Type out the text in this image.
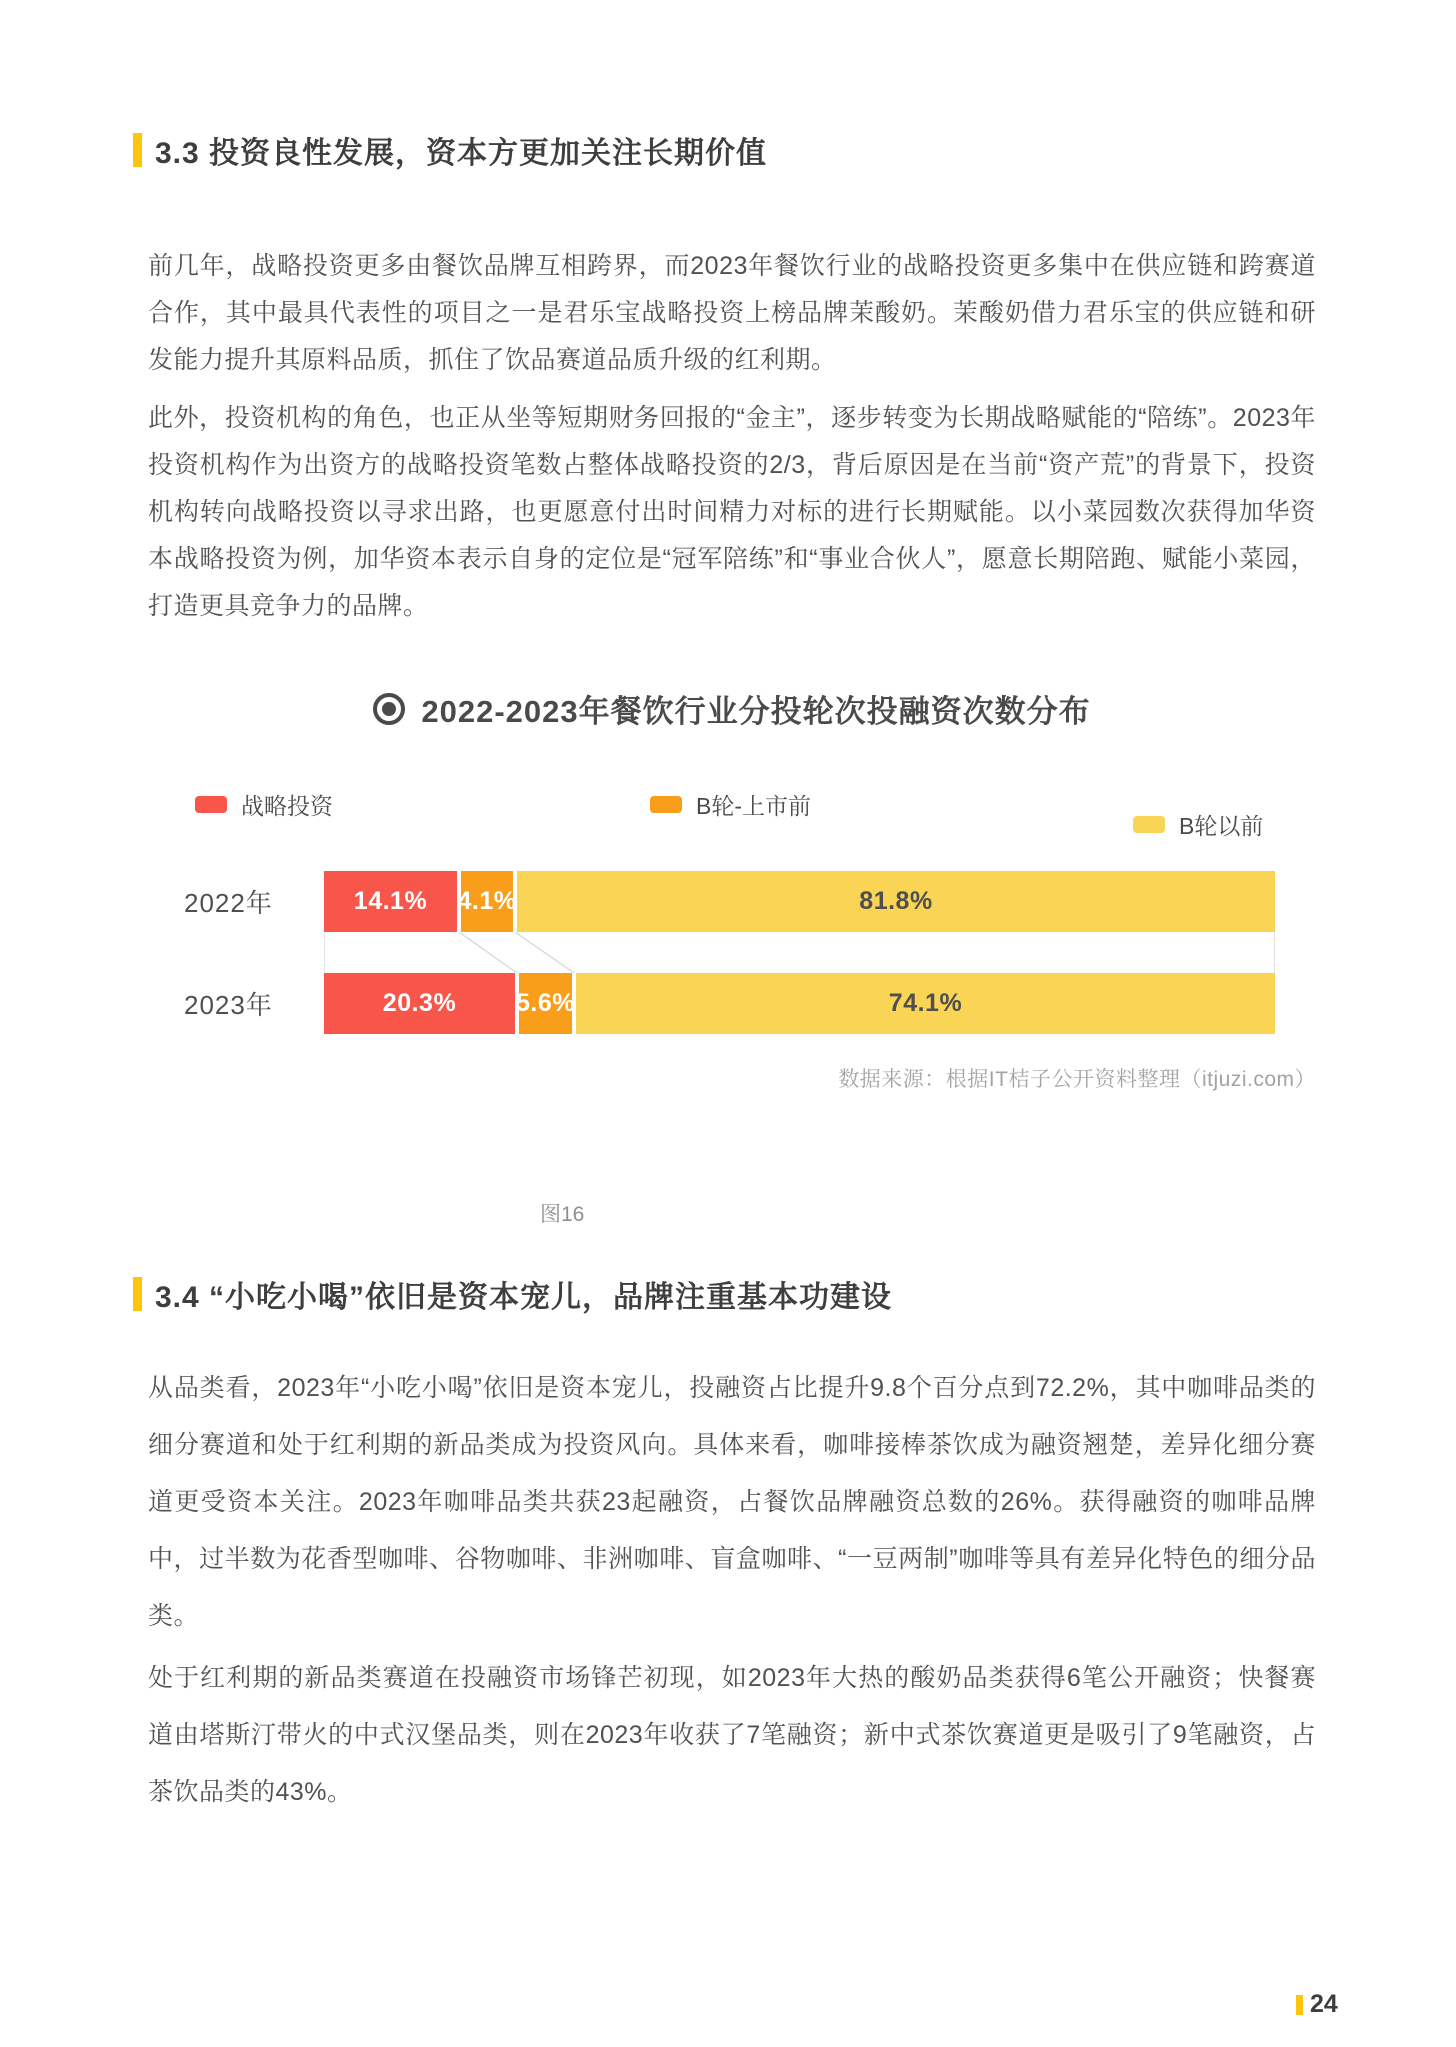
3.3 投资良性发展，资本方更加关注长期价值

前几年，战略投资更多由餐饮品牌互相跨界，而2023年餐饮行业的战略投资更多集中在供应链和跨赛道合作，其中最具代表性的项目之一是君乐宝战略投资上榜品牌茉酸奶。茉酸奶借力君乐宝的供应链和研发能力提升其原料品质，抓住了饮品赛道品质升级的红利期。

此外，投资机构的角色，也正从坐等短期财务回报的“金主”，逐步转变为长期战略赋能的“陪练”。2023年投资机构作为出资方的战略投资笔数占整体战略投资的2/3，背后原因是在当前“资产荒”的背景下，投资机构转向战略投资以寻求出路，也更愿意付出时间精力对标的进行长期赋能。以小菜园数次获得加华资本战略投资为例，加华资本表示自身的定位是“冠军陪练”和“事业合伙人”，愿意长期陪跑、赋能小菜园，打造更具竞争力的品牌。

2022-2023年餐饮行业分投轮次投融资次数分布
战略投资	B轮-上市前
B轮以前
2022年	14.1% 4.1%	81.8%
2023年	20.3% 5.6%	74.1%
数据来源：根据IT桔子公开资料整理（itjuzi.com）
图16
3.4 “小吃小喝”依旧是资本宠儿，品牌注重基本功建设

从品类看，2023年“小吃小喝”依旧是资本宠儿，投融资占比提升9.8个百分点到72.2%，其中咖啡品类的细分赛道和处于红利期的新品类成为投资风向。具体来看，咖啡接棒茶饮成为融资翘楚，差异化细分赛道更受资本关注。2023年咖啡品类共获23起融资，占餐饮品牌融资总数的26%。获得融资的咖啡品牌中，过半数为花香型咖啡、谷物咖啡、非洲咖啡、盲盒咖啡、“一豆两制”咖啡等具有差异化特色的细分品类。

处于红利期的新品类赛道在投融资市场锋芒初现，如2023年大热的酸奶品类获得6笔公开融资；快餐赛道由塔斯汀带火的中式汉堡品类，则在2023年收获了7笔融资；新中式茶饮赛道更是吸引了9笔融资，占茶饮品类的43%。

24
